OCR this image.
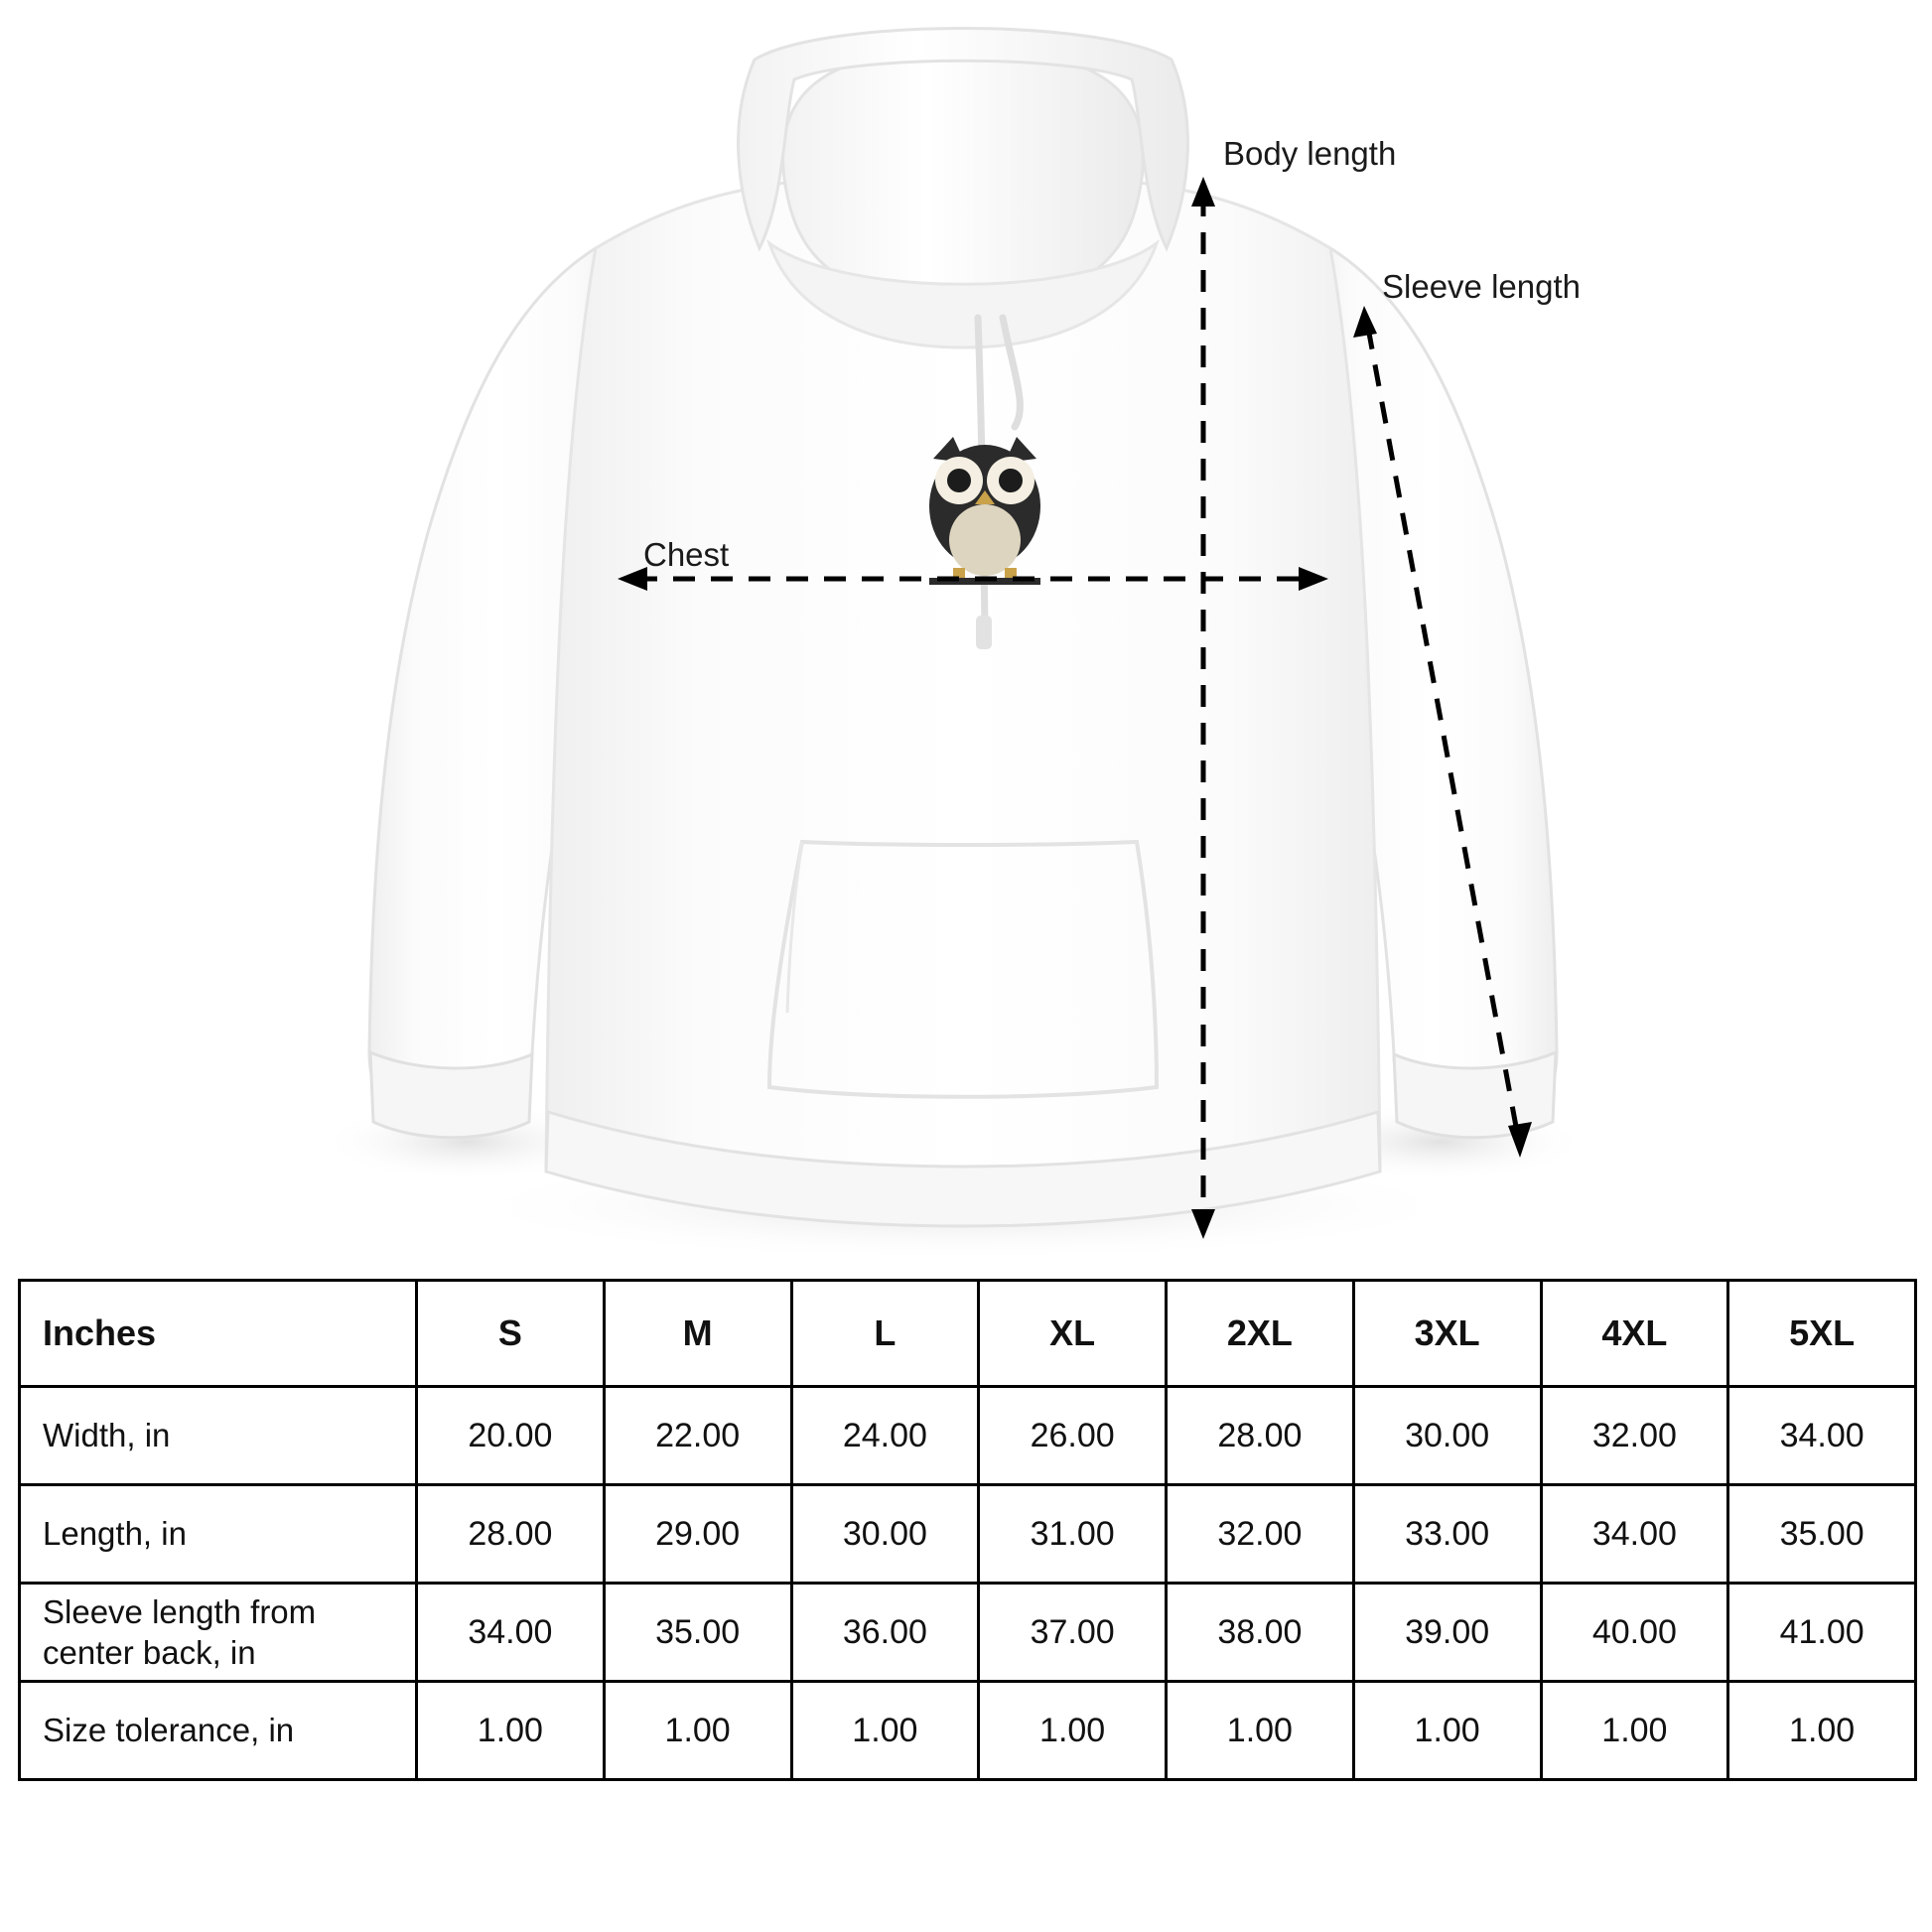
Body length
Sleeve length
Chest
Inches	S	M	L	XL	2XL	3XL	4XL	5XL
Width, in	20.00	22.00	24.00	26.00	28.00	30.00	32.00	34.00
Length, in	28.00	29.00	30.00	31.00	32.00	33.00	34.00	35.00
Sleeve length from center back, in	34.00	35.00	36.00	37.00	38.00	39.00	40.00	41.00
Size tolerance, in	1.00	1.00	1.00	1.00	1.00	1.00	1.00	1.00
